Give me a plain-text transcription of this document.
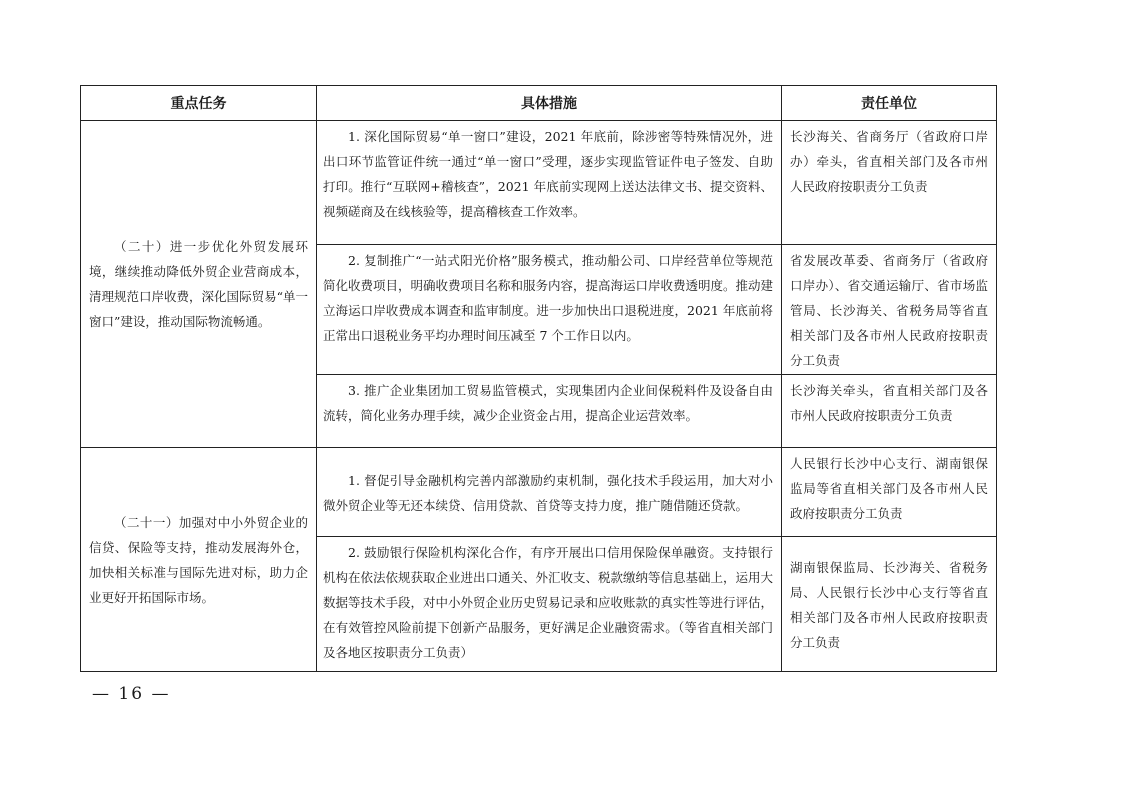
重点任务	具体措施	责任单位

（二十）进一步优化外贸发展环境，继续推动降低外贸企业营商成本，清理规范口岸收费，深化国际贸易“单一窗口”建设，推动国际物流畅通。	1. 深化国际贸易“单一窗口”建设，2021 年底前，除涉密等特殊情况外，进出口环节监管证件统一通过“单一窗口”受理，逐步实现监管证件电子签发、自助打印。推行“互联网+稽核查”，2021 年底前实现网上送达法律文书、提交资料、视频磋商及在线核验等，提高稽核查工作效率。	长沙海关、省商务厅（省政府口岸办）牵头，省直相关部门及各市州人民政府按职责分工负责

	2. 复制推广“一站式阳光价格”服务模式，推动船公司、口岸经营单位等规范简化收费项目，明确收费项目名称和服务内容，提高海运口岸收费透明度。推动建立海运口岸收费成本调查和监审制度。进一步加快出口退税进度，2021 年底前将正常出口退税业务平均办理时间压减至 7 个工作日以内。	省发展改革委、省商务厅（省政府口岸办）、省交通运输厅、省市场监管局、长沙海关、省税务局等省直相关部门及各市州人民政府按职责分工负责

	3. 推广企业集团加工贸易监管模式，实现集团内企业间保税料件及设备自由流转，简化业务办理手续，减少企业资金占用，提高企业运营效率。	长沙海关牵头，省直相关部门及各市州人民政府按职责分工负责

（二十一）加强对中小外贸企业的信贷、保险等支持，推动发展海外仓，加快相关标准与国际先进对标，助力企业更好开拓国际市场。	1. 督促引导金融机构完善内部激励约束机制，强化技术手段运用，加大对小微外贸企业等无还本续贷、信用贷款、首贷等支持力度，推广随借随还贷款。	人民银行长沙中心支行、湖南银保监局等省直相关部门及各市州人民政府按职责分工负责

	2. 鼓励银行保险机构深化合作，有序开展出口信用保险保单融资。支持银行机构在依法依规获取企业进出口通关、外汇收支、税款缴纳等信息基础上，运用大数据等技术手段，对中小外贸企业历史贸易记录和应收账款的真实性等进行评估，在有效管控风险前提下创新产品服务，更好满足企业融资需求。（等省直相关部门及各地区按职责分工负责）	湖南银保监局、长沙海关、省税务局、人民银行长沙中心支行等省直相关部门及各市州人民政府按职责分工负责
— 16 —
